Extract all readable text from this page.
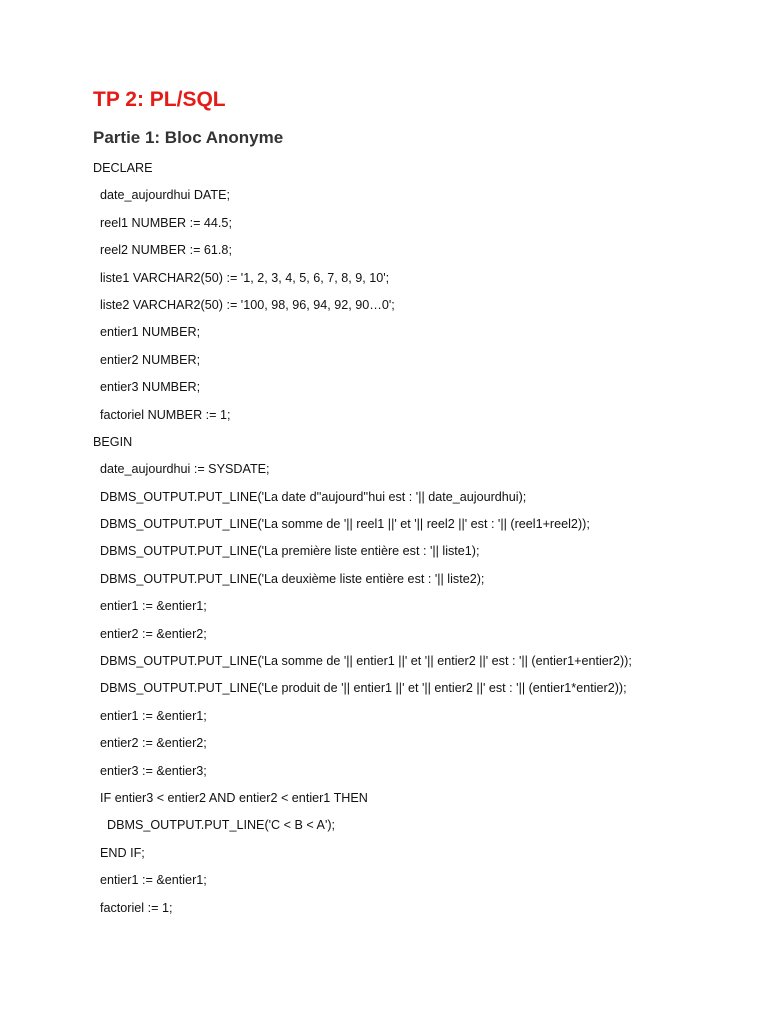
TP 2: PL/SQL
Partie 1: Bloc Anonyme
DECLARE
date_aujourdhui DATE;
reel1 NUMBER := 44.5;
reel2 NUMBER := 61.8;
liste1 VARCHAR2(50) := '1, 2, 3, 4, 5, 6, 7, 8, 9, 10';
liste2 VARCHAR2(50) := '100, 98, 96, 94, 92, 90…0';
entier1 NUMBER;
entier2 NUMBER;
entier3 NUMBER;
factoriel NUMBER := 1;
BEGIN
date_aujourdhui := SYSDATE;
DBMS_OUTPUT.PUT_LINE('La date d''aujourd''hui est : '|| date_aujourdhui);
DBMS_OUTPUT.PUT_LINE('La somme de '|| reel1 ||' et '|| reel2 ||' est : '|| (reel1+reel2));
DBMS_OUTPUT.PUT_LINE('La première liste entière est : '|| liste1);
DBMS_OUTPUT.PUT_LINE('La deuxième liste entière est : '|| liste2);
entier1 := &entier1;
entier2 := &entier2;
DBMS_OUTPUT.PUT_LINE('La somme de '|| entier1 ||' et '|| entier2 ||' est : '|| (entier1+entier2));
DBMS_OUTPUT.PUT_LINE('Le produit de '|| entier1 ||' et '|| entier2 ||' est : '|| (entier1*entier2));
entier1 := &entier1;
entier2 := &entier2;
entier3 := &entier3;
IF entier3 < entier2 AND entier2 < entier1 THEN
DBMS_OUTPUT.PUT_LINE('C < B < A');
END IF;
entier1 := &entier1;
factoriel := 1;
